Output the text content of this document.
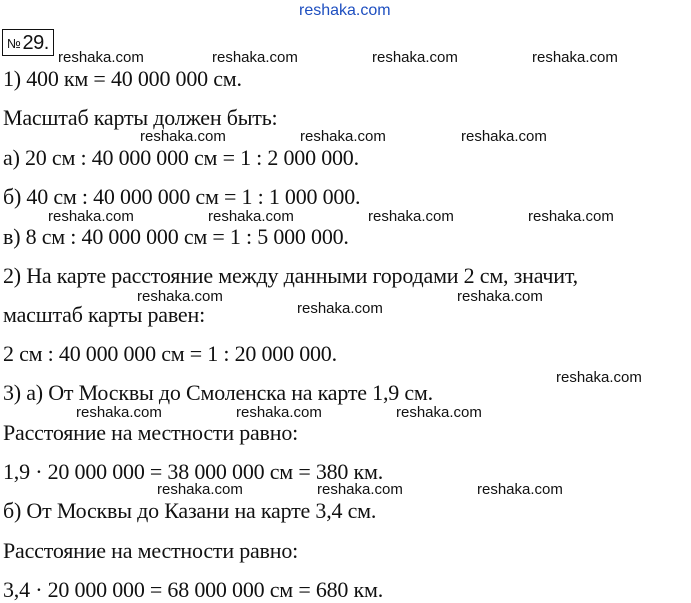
reshaka.com
№ 29.
1) 400 км = 40 000 000 см.
Масштаб карты должен быть:
а) 20 см : 40 000 000 см = 1 : 2 000 000.
б) 40 см : 40 000 000 см = 1 : 1 000 000.
в) 8 см : 40 000 000 см = 1 : 5 000 000.
2) На карте расстояние между данными городами 2 см, значит,
масштаб карты равен:
2 см : 40 000 000 см = 1 : 20 000 000.
3) а) От Москвы до Смоленска на карте 1,9 см.
Расстояние на местности равно:
1,9 · 20 000 000 = 38 000 000 см = 380 км.
б) От Москвы до Казани на карте 3,4 см.
Расстояние на местности равно:
3,4 · 20 000 000 = 68 000 000 см = 680 км.
reshaka.com	reshaka.com	reshaka.com	reshaka.com
reshaka.com	reshaka.com	reshaka.com
reshaka.com	reshaka.com	reshaka.com	reshaka.com
reshaka.com
reshaka.com
reshaka.com
reshaka.com
reshaka.com	reshaka.com	reshaka.com
reshaka.com	reshaka.com	reshaka.com
